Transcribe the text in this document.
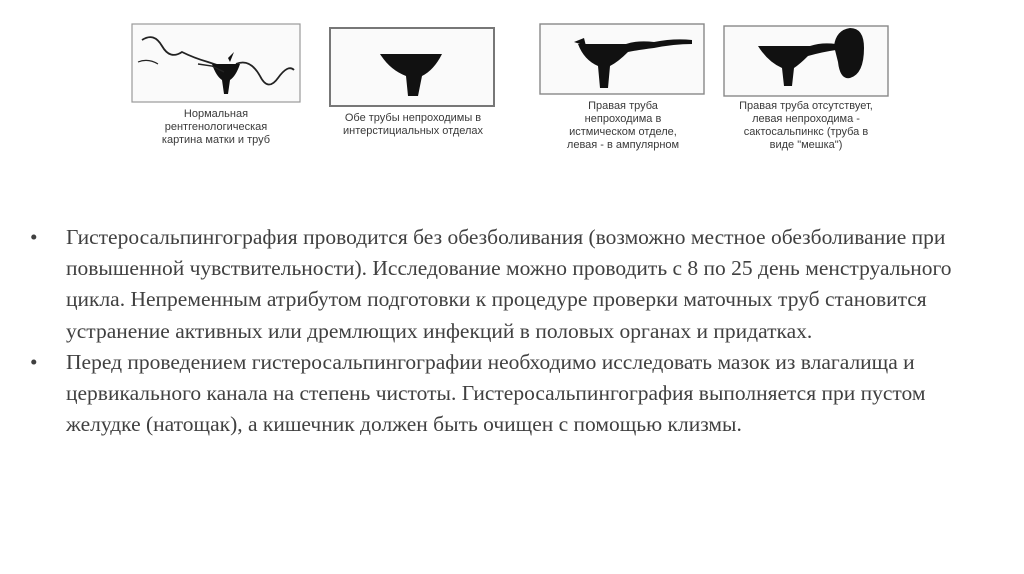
Нормальная
рентгенологическая
картина матки и труб
Обе трубы непроходимы в
интерстициальных отделах
Правая труба
непроходима в
истмическом отделе,
левая - в ампулярном
Правая труба отсутствует,
левая непроходима -
сактосальпинкс (труба в
виде "мешка")
•	Гистеросальпингография проводится без обезболивания (возможно местное обезболивание при повышенной чувствительности). Исследование можно проводить с 8 по 25 день менструального цикла. Непременным атрибутом подготовки к процедуре проверки маточных труб становится устранение активных или дремлющих инфекций в половых органах и придатках.
•	Перед проведением гистеросальпингографии необходимо исследовать мазок из влагалища и цервикального канала на степень чистоты. Гистеросальпингография выполняется при пустом желудке (натощак), а кишечник должен быть очищен с помощью клизмы.
